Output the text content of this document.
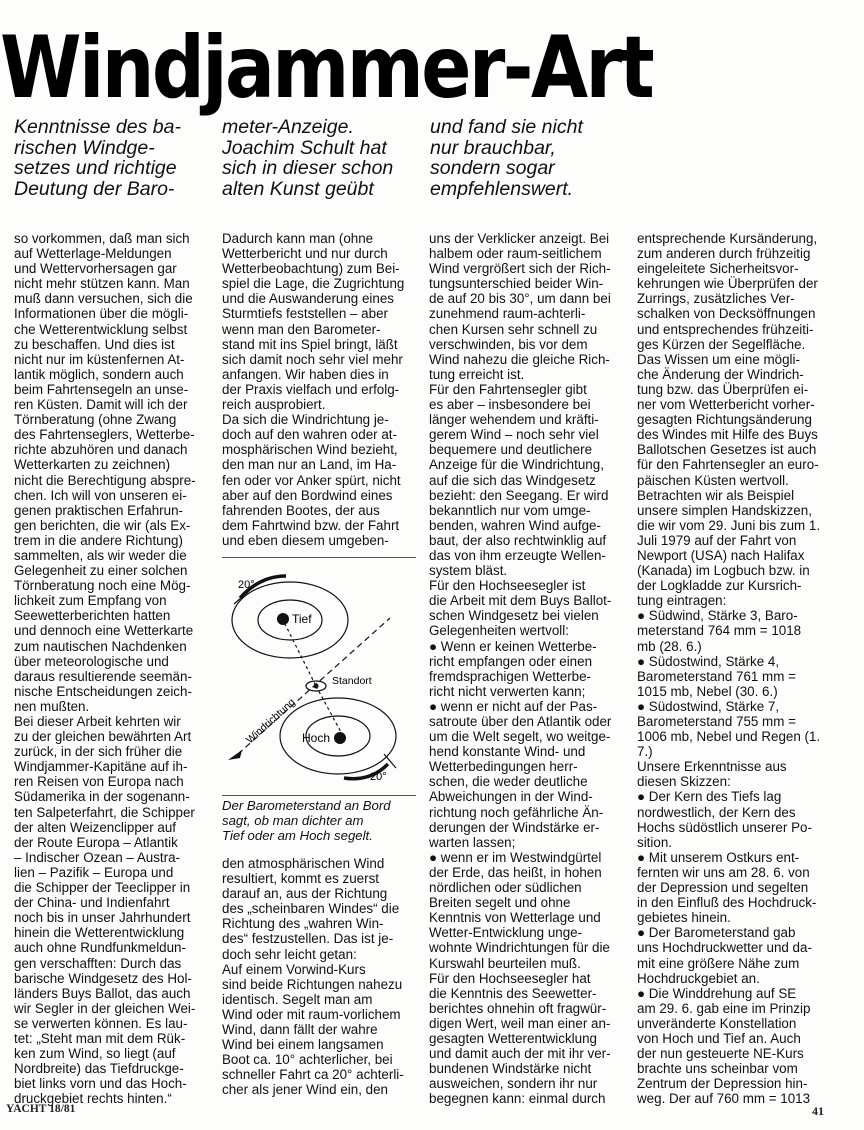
Windjammer-Art
Kenntnisse des ba-
rischen Windge-
setzes und richtige
Deutung der Baro-
meter-Anzeige.
Joachim Schult hat
sich in dieser schon
alten Kunst geübt
und fand sie nicht
nur brauchbar,
sondern sogar
empfehlenswert.
so vorkommen, daß man sich
auf Wetterlage-Meldungen
und Wettervorhersagen gar
nicht mehr stützen kann. Man
muß dann versuchen, sich die
Informationen über die mögli-
che Wetterentwicklung selbst
zu beschaffen. Und dies ist
nicht nur im küstenfernen At-
lantik möglich, sondern auch
beim Fahrtensegeln an unse-
ren Küsten. Damit will ich der
Törnberatung (ohne Zwang
des Fahrtenseglers, Wetterbe-
richte abzuhören und danach
Wetterkarten zu zeichnen)
nicht die Berechtigung abspre-
chen. Ich will von unseren ei-
genen praktischen Erfahrun-
gen berichten, die wir (als Ex-
trem in die andere Richtung)
sammelten, als wir weder die
Gelegenheit zu einer solchen
Törnberatung noch eine Mög-
lichkeit zum Empfang von
Seewetterberichten hatten
und dennoch eine Wetterkarte
zum nautischen Nachdenken
über meteorologische und
daraus resultierende seemän-
nische Entscheidungen zeich-
nen mußten.
Bei dieser Arbeit kehrten wir
zu der gleichen bewährten Art
zurück, in der sich früher die
Windjammer-Kapitäne auf ih-
ren Reisen von Europa nach
Südamerika in der sogenann-
ten Salpeterfahrt, die Schipper
der alten Weizenclipper auf
der Route Europa – Atlantik
– Indischer Ozean – Austra-
lien – Pazifik – Europa und
die Schipper der Teeclipper in
der China- und Indienfahrt
noch bis in unser Jahrhundert
hinein die Wetterentwicklung
auch ohne Rundfunkmeldun-
gen verschafften: Durch das
barische Windgesetz des Hol-
länders Buys Ballot, das auch
wir Segler in der gleichen Wei-
se verwerten können. Es lau-
tet: „Steht man mit dem Rük-
ken zum Wind, so liegt (auf
Nordbreite) das Tiefdruckge-
biet links vorn und das Hoch-
druckgebiet rechts hinten.“
Dadurch kann man (ohne
Wetterbericht und nur durch
Wetterbeobachtung) zum Bei-
spiel die Lage, die Zugrichtung
und die Auswanderung eines
Sturmtiefs feststellen – aber
wenn man den Barometer-
stand mit ins Spiel bringt, läßt
sich damit noch sehr viel mehr
anfangen. Wir haben dies in
der Praxis vielfach und erfolg-
reich ausprobiert.
Da sich die Windrichtung je-
doch auf den wahren oder at-
mosphärischen Wind bezieht,
den man nur an Land, im Ha-
fen oder vor Anker spürt, nicht
aber auf den Bordwind eines
fahrenden Bootes, der aus
dem Fahrtwind bzw. der Fahrt
und eben diesem umgeben-
20°
20°
Tief
Hoch
Standort
Windrichtung
Der Barometerstand an Bord
sagt, ob man dichter am
Tief oder am Hoch segelt.
den atmosphärischen Wind
resultiert, kommt es zuerst
darauf an, aus der Richtung
des „scheinbaren Windes“ die
Richtung des „wahren Win-
des“ festzustellen. Das ist je-
doch sehr leicht getan:
Auf einem Vorwind-Kurs
sind beide Richtungen nahezu
identisch. Segelt man am
Wind oder mit raum-vorlichem
Wind, dann fällt der wahre
Wind bei einem langsamen
Boot ca. 10° achterlicher, bei
schneller Fahrt ca 20° achterli-
cher als jener Wind ein, den
uns der Verklicker anzeigt. Bei
halbem oder raum-seitlichem
Wind vergrößert sich der Rich-
tungsunterschied beider Win-
de auf 20 bis 30°, um dann bei
zunehmend raum-achterli-
chen Kursen sehr schnell zu
verschwinden, bis vor dem
Wind nahezu die gleiche Rich-
tung erreicht ist.
Für den Fahrtensegler gibt
es aber – insbesondere bei
länger wehendem und kräfti-
gerem Wind – noch sehr viel
bequemere und deutlichere
Anzeige für die Windrichtung,
auf die sich das Windgesetz
bezieht: den Seegang. Er wird
bekanntlich nur vom umge-
benden, wahren Wind aufge-
baut, der also rechtwinklig auf
das von ihm erzeugte Wellen-
system bläst.
Für den Hochseesegler ist
die Arbeit mit dem Buys Ballot-
schen Windgesetz bei vielen
Gelegenheiten wertvoll:
● Wenn er keinen Wetterbe-
richt empfangen oder einen
fremdsprachigen Wetterbe-
richt nicht verwerten kann;
● wenn er nicht auf der Pas-
satroute über den Atlantik oder
um die Welt segelt, wo weitge-
hend konstante Wind- und
Wetterbedingungen herr-
schen, die weder deutliche
Abweichungen in der Wind-
richtung noch gefährliche Än-
derungen der Windstärke er-
warten lassen;
● wenn er im Westwindgürtel
der Erde, das heißt, in hohen
nördlichen oder südlichen
Breiten segelt und ohne
Kenntnis von Wetterlage und
Wetter-Entwicklung unge-
wohnte Windrichtungen für die
Kurswahl beurteilen muß.
Für den Hochseesegler hat
die Kenntnis des Seewetter-
berichtes ohnehin oft fragwür-
digen Wert, weil man einer an-
gesagten Wetterentwicklung
und damit auch der mit ihr ver-
bundenen Windstärke nicht
ausweichen, sondern ihr nur
begegnen kann: einmal durch
entsprechende Kursänderung,
zum anderen durch frühzeitig
eingeleitete Sicherheitsvor-
kehrungen wie Überprüfen der
Zurrings, zusätzliches Ver-
schalken von Decksöffnungen
und entsprechendes frühzeiti-
ges Kürzen der Segelfläche.
Das Wissen um eine mögli-
che Änderung der Windrich-
tung bzw. das Überprüfen ei-
ner vom Wetterbericht vorher-
gesagten Richtungsänderung
des Windes mit Hilfe des Buys
Ballotschen Gesetzes ist auch
für den Fahrtensegler an euro-
päischen Küsten wertvoll.
Betrachten wir als Beispiel
unsere simplen Handskizzen,
die wir vom 29. Juni bis zum 1.
Juli 1979 auf der Fahrt von
Newport (USA) nach Halifax
(Kanada) im Logbuch bzw. in
der Logkladde zur Kursrich-
tung eintragen:
● Südwind, Stärke 3, Baro-
meterstand 764 mm = 1018
mb (28. 6.)
● Südostwind, Stärke 4,
Barometerstand 761 mm =
1015 mb, Nebel (30. 6.)
● Südostwind, Stärke 7,
Barometerstand 755 mm =
1006 mb, Nebel und Regen (1.
7.)
Unsere Erkenntnisse aus
diesen Skizzen:
● Der Kern des Tiefs lag
nordwestlich, der Kern des
Hochs südöstlich unserer Po-
sition.
● Mit unserem Ostkurs ent-
fernten wir uns am 28. 6. von
der Depression und segelten
in den Einfluß des Hochdruck-
gebietes hinein.
● Der Barometerstand gab
uns Hochdruckwetter und da-
mit eine größere Nähe zum
Hochdruckgebiet an.
● Die Winddrehung auf SE
am 29. 6. gab eine im Prinzip
unveränderte Konstellation
von Hoch und Tief an. Auch
der nun gesteuerte NE-Kurs
brachte uns scheinbar vom
Zentrum der Depression hin-
weg. Der auf 760 mm = 1013
YACHT 18/81	41
